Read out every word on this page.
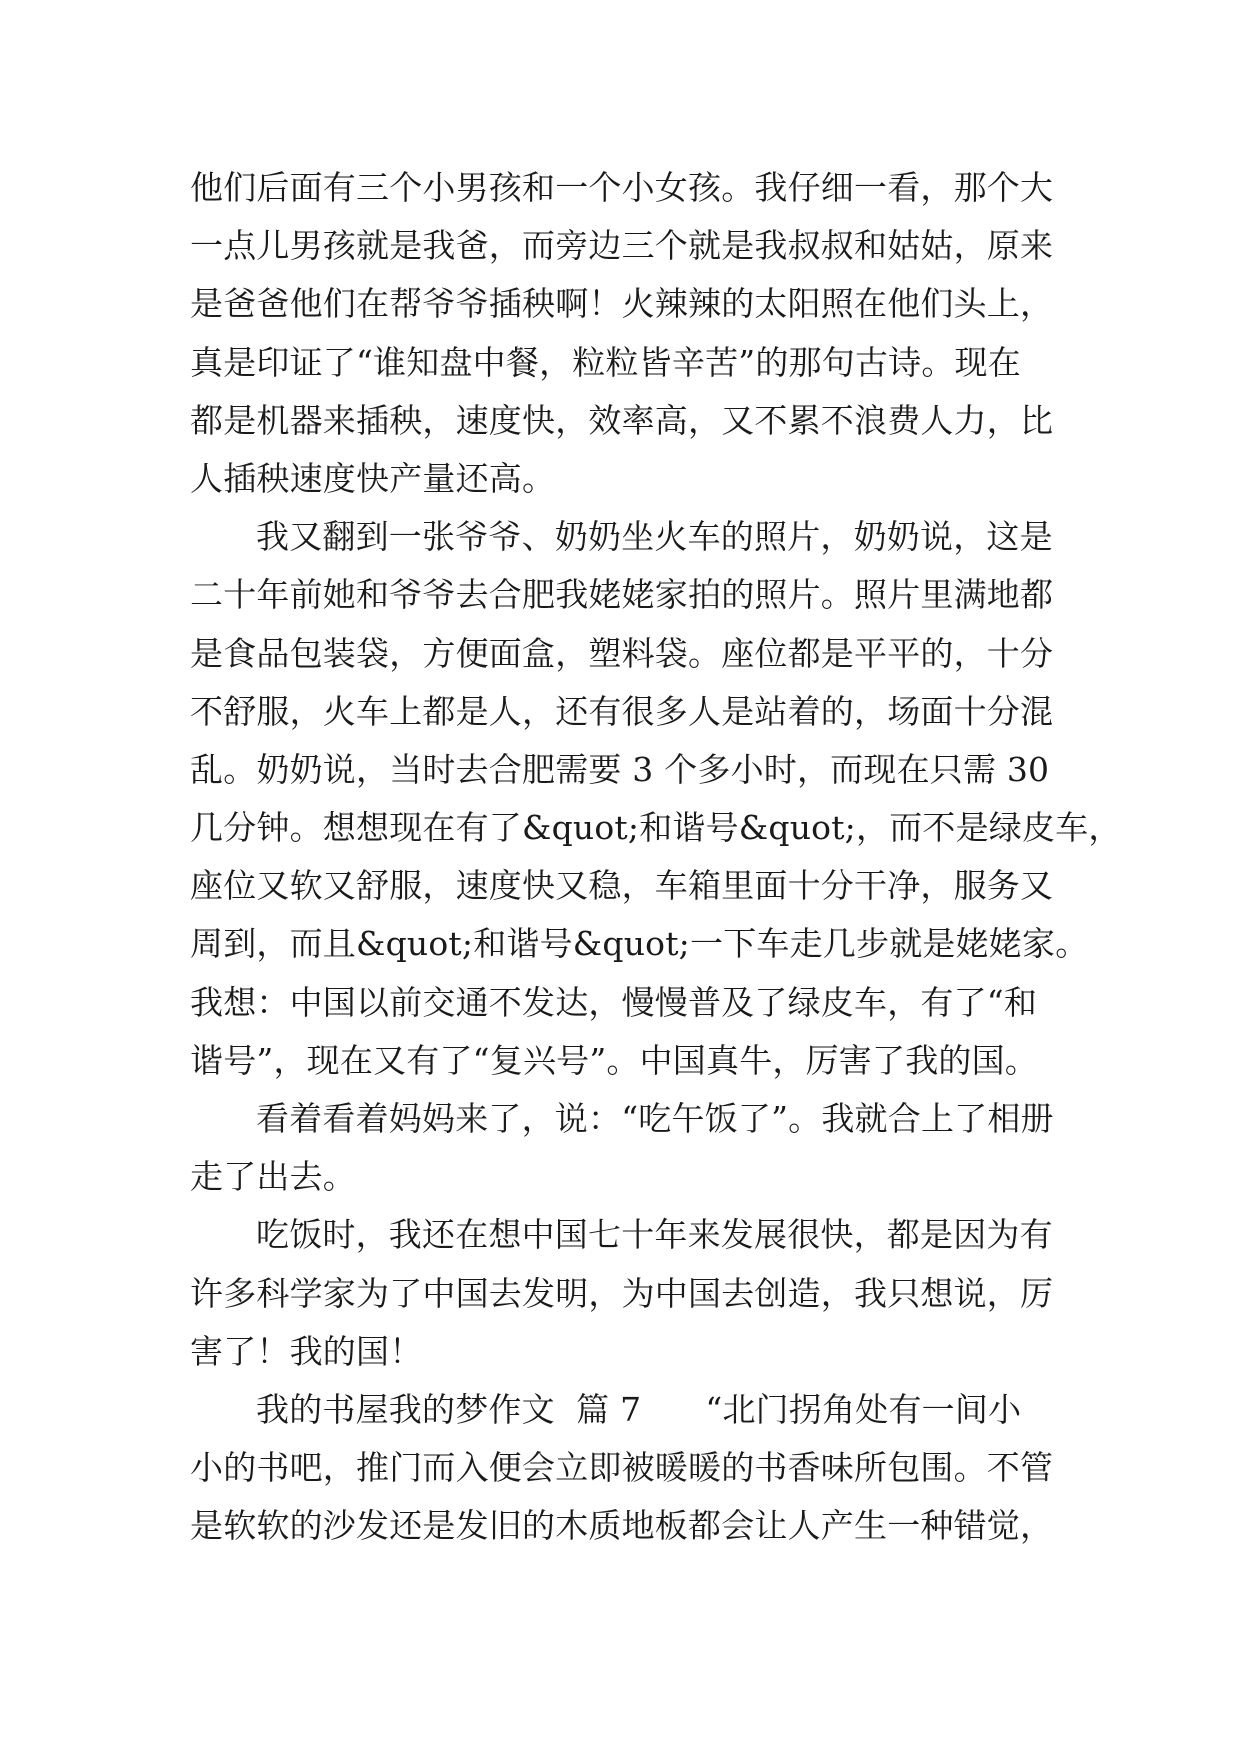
他们后面有三个小男孩和一个小女孩。我仔细一看，那个大
一点儿男孩就是我爸，而旁边三个就是我叔叔和姑姑，原来
是爸爸他们在帮爷爷插秧啊！火辣辣的太阳照在他们头上，
真是印证了“谁知盘中餐，粒粒皆辛苦”的那句古诗。现在
都是机器来插秧，速度快，效率高，又不累不浪费人力，比
人插秧速度快产量还高。
我又翻到一张爷爷、奶奶坐火车的照片，奶奶说，这是
二十年前她和爷爷去合肥我姥姥家拍的照片。照片里满地都
是食品包装袋，方便面盒，塑料袋。座位都是平平的，十分
不舒服，火车上都是人，还有很多人是站着的，场面十分混
乱。奶奶说，当时去合肥需要 3 个多小时，而现在只需 30
几分钟。想想现在有了&quot;和谐号&quot;，而不是绿皮车，
座位又软又舒服，速度快又稳，车箱里面十分干净，服务又
周到，而且&quot;和谐号&quot;一下车走几步就是姥姥家。
我想：中国以前交通不发达，慢慢普及了绿皮车，有了“和
谐号”，现在又有了“复兴号”。中国真牛，厉害了我的国。
看着看着妈妈来了，说：“吃午饭了”。我就合上了相册
走了出去。
吃饭时，我还在想中国七十年来发展很快，都是因为有
许多科学家为了中国去发明，为中国去创造，我只想说，厉
害了！我的国！
我的书屋我的梦作文  篇 7      “北门拐角处有一间小
小的书吧，推门而入便会立即被暖暖的书香味所包围。不管
是软软的沙发还是发旧的木质地板都会让人产生一种错觉，
